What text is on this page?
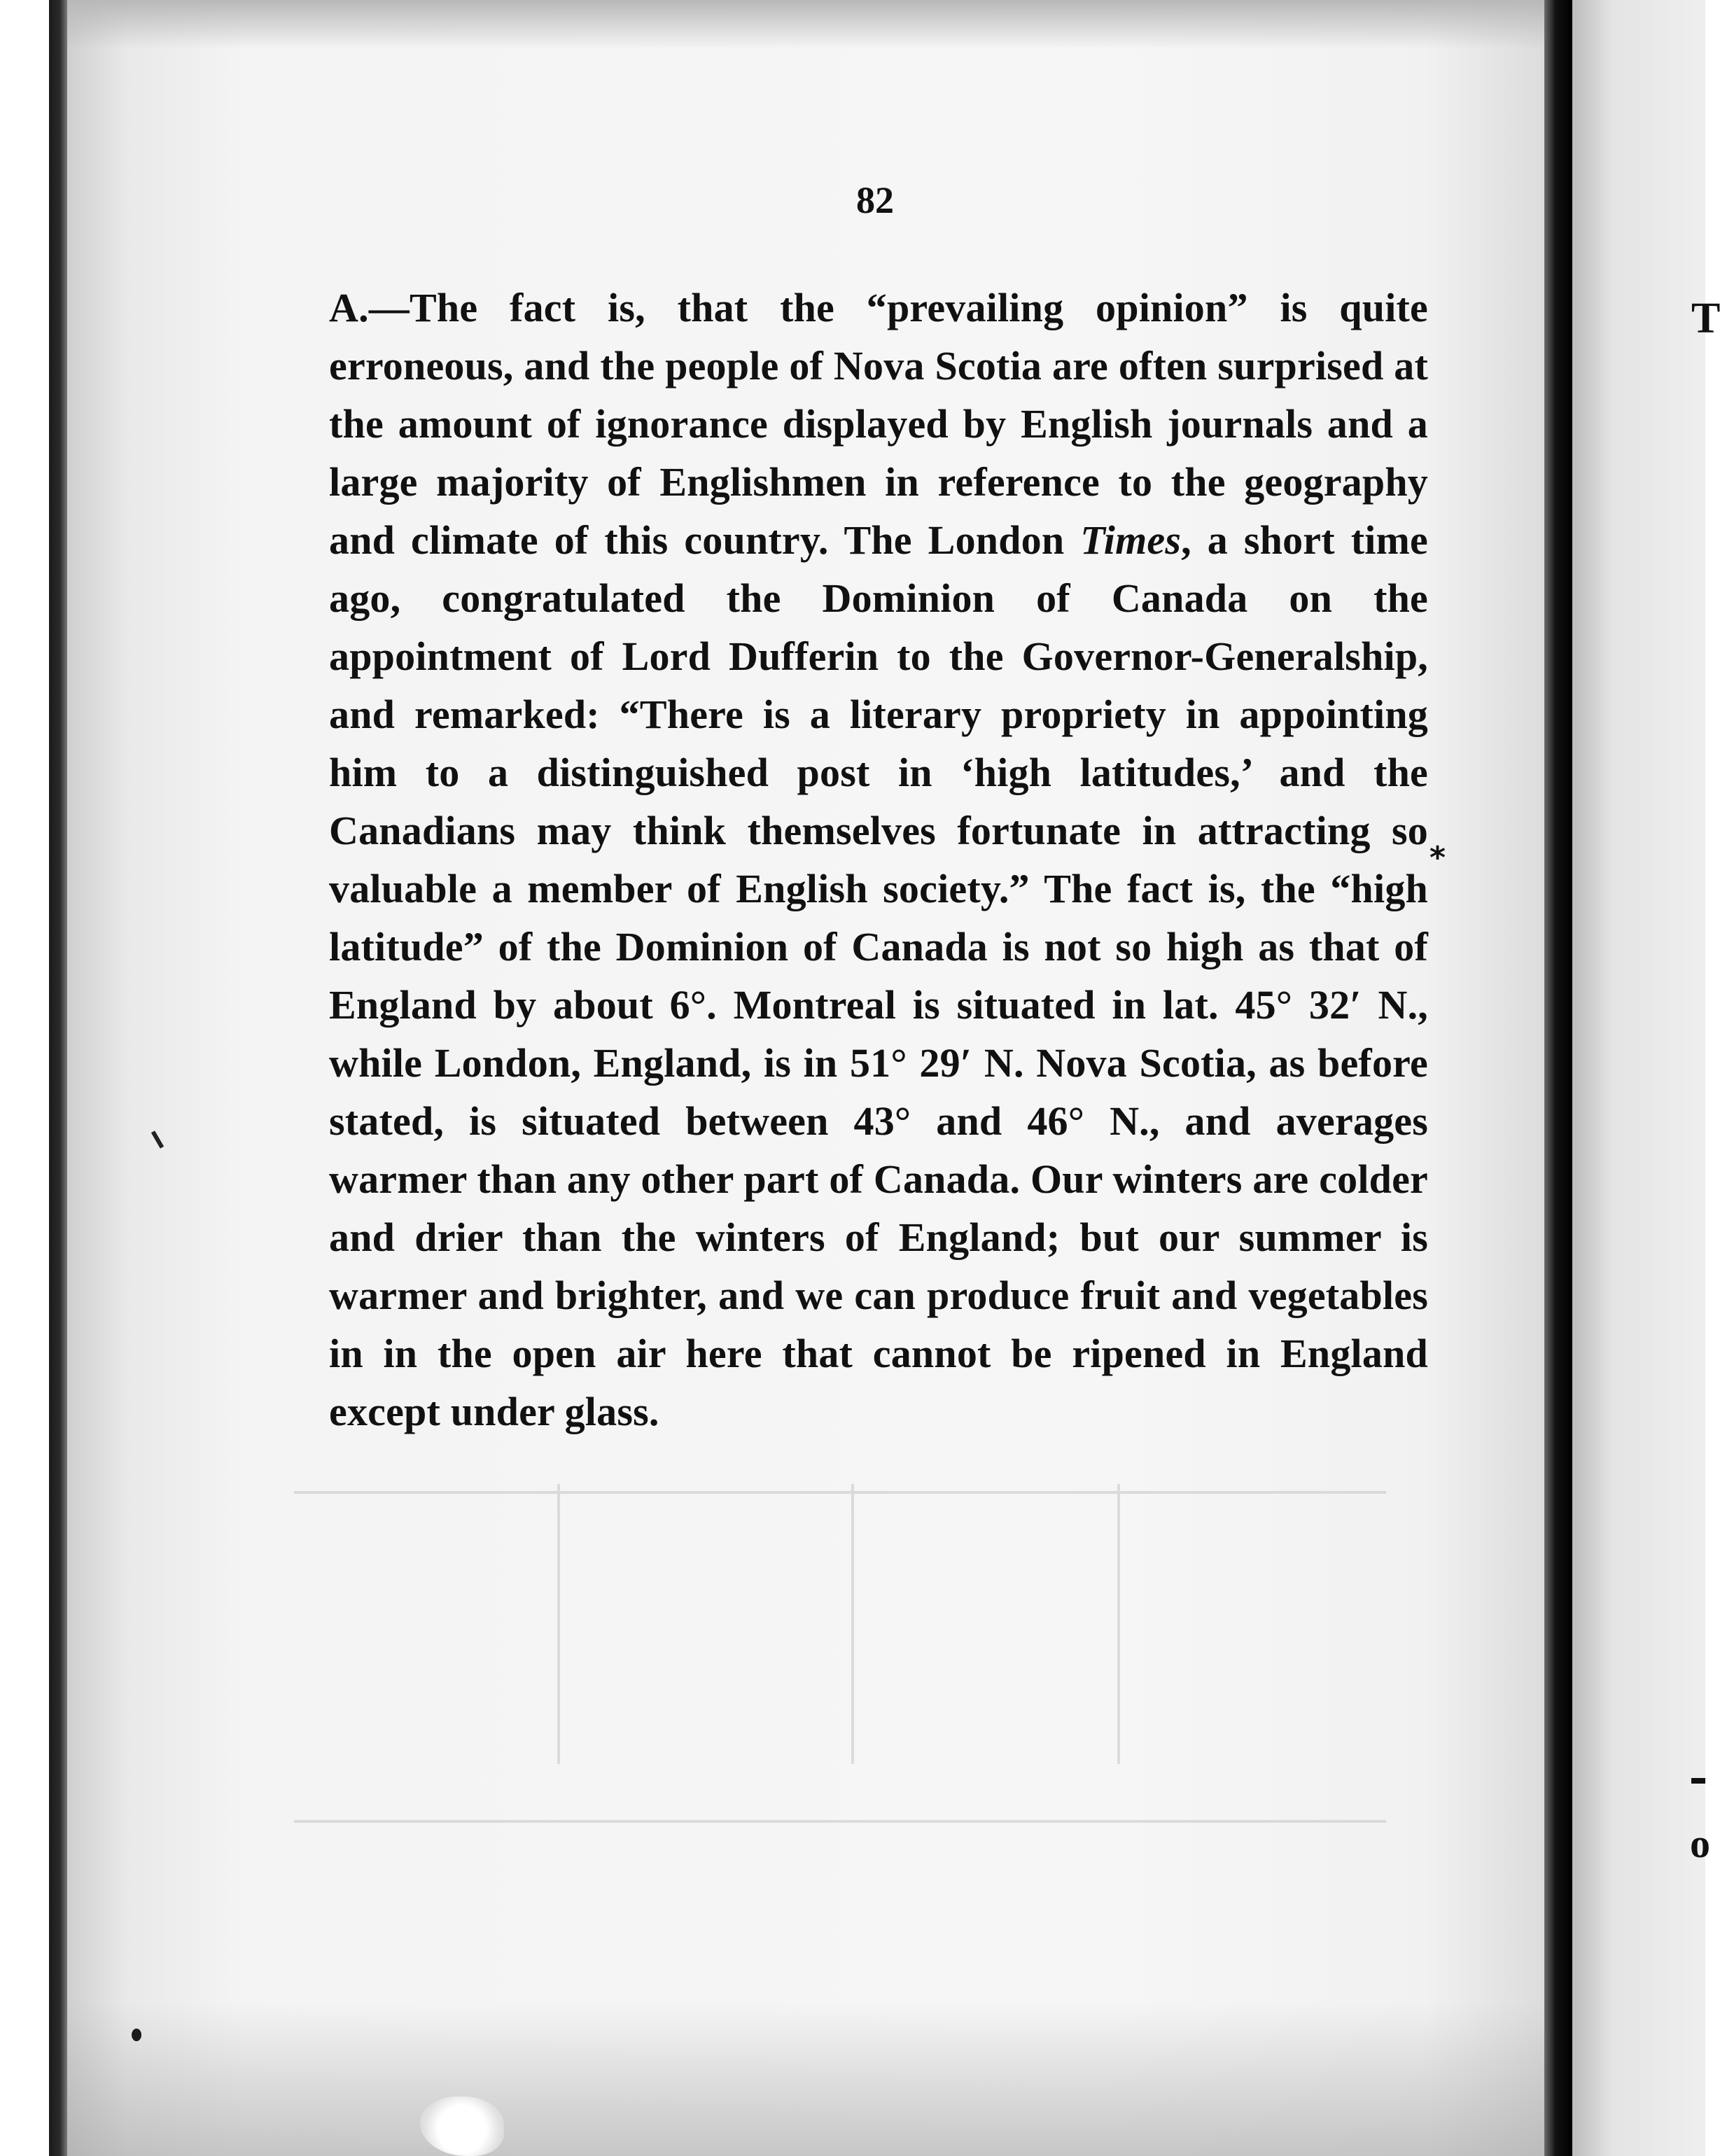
T
o
82

A.—The fact is, that the “prevailing opinion” is quite erroneous, and the people of Nova Scotia are often surprised at the amount of ignorance displayed by English journals and a large majority of Englishmen in reference to the geography and climate of this country. The London Times, a short time ago, congratulated the Dominion of Canada on the appointment of Lord Dufferin to the Governor-Generalship, and remarked: “There is a literary propriety in appointing him to a distinguished post in ‘high latitudes,’ and the Canadians may think themselves fortunate in attracting so valuable a member of English society.” The fact is, the “high latitude” of the Dominion of Canada is not so high as that of England by about 6°. Montreal is situated in lat. 45° 32′ N., while London, England, is in 51° 29′ N. Nova Scotia, as before stated, is situated between 43° and 46° N., and averages warmer than any other part of Canada. Our winters are colder and drier than the winters of England; but our summer is warmer and brighter, and we can produce fruit and vegetables in in the open air here that cannot be ripened in England except under glass.

*
